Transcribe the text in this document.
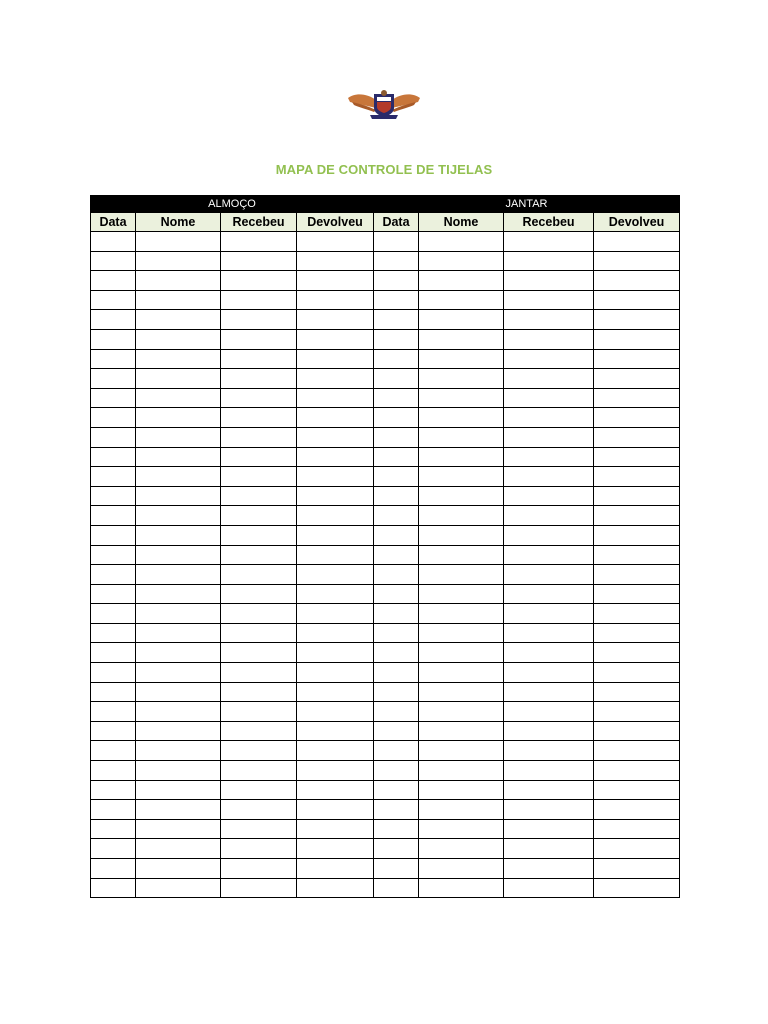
MAPA DE CONTROLE DE TIJELAS
ALMOÇO				JANTAR			
Data	Nome	Recebeu	Devolveu	Data	Nome	Recebeu	Devolveu
